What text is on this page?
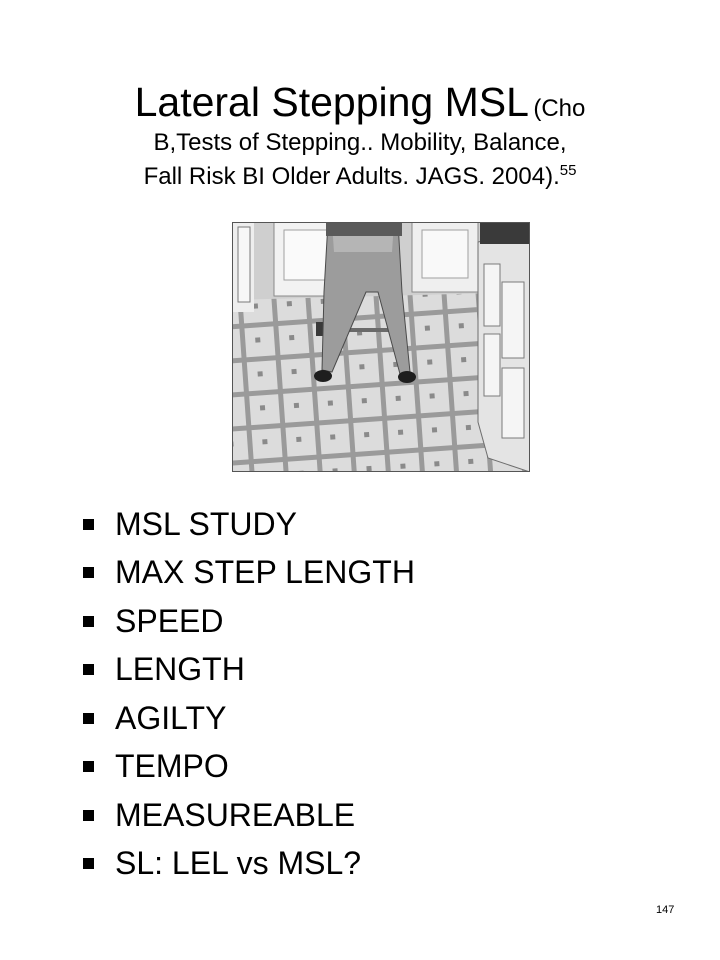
Lateral Stepping MSL (Cho
B,Tests of Stepping.. Mobility, Balance,
Fall Risk BI Older Adults. JAGS. 2004).$^{55}$
MSL STUDY
MAX STEP LENGTH
SPEED
LENGTH
AGILTY
TEMPO
MEASUREABLE
SL: LEL vs MSL?
147
